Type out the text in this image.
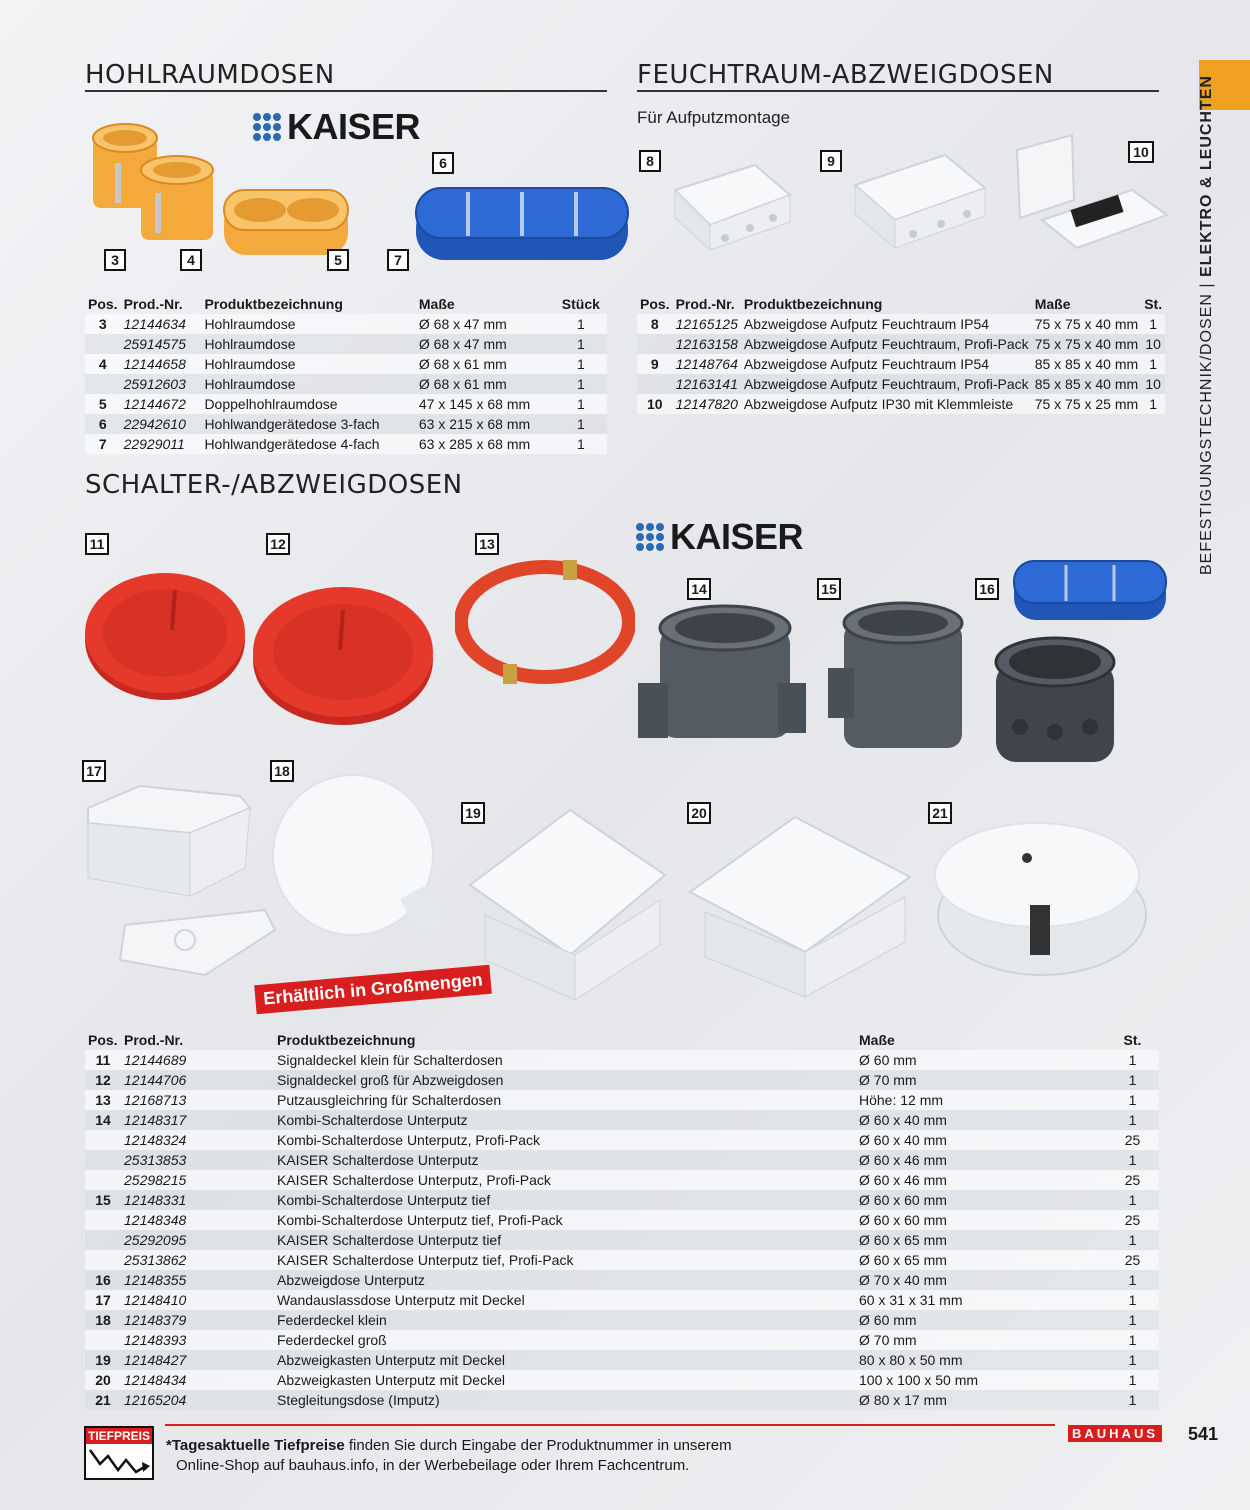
HOHLRAUMDOSEN	FEUCHTRAUM-ABZWEIGDOSEN
Für Aufputzmontage
SCHALTER-/ABZWEIGDOSEN
KAISER
KAISER	BEFESTIGUNGSTECHNIK/DOSEN | ELEKTRO & LEUCHTEN
3	4	5
6
7
8	9
10
Pos.	Prod.-Nr.	Produktbezeichnung	Maße	Stück
3	12144634	Hohlraumdose	Ø 68 x 47 mm	1
	25914575	Hohlraumdose	Ø 68 x 47 mm	1
4	12144658	Hohlraumdose	Ø 68 x 61 mm	1
	25912603	Hohlraumdose	Ø 68 x 61 mm	1
5	12144672	Doppelhohlraumdose	47 x 145 x 68 mm	1
6	22942610	Hohlwandgerätedose 3-fach	63 x 215 x 68 mm	1
7	22929011	Hohlwandgerätedose 4-fach	63 x 285 x 68 mm	1
Pos.	Prod.-Nr.	Produktbezeichnung	Maße	St.
8	12165125	Abzweigdose Aufputz Feuchtraum IP54	75 x 75 x 40 mm	1
	12163158	Abzweigdose Aufputz Feuchtraum, Profi-Pack	75 x 75 x 40 mm	10
9	12148764	Abzweigdose Aufputz Feuchtraum IP54	85 x 85 x 40 mm	1
	12163141	Abzweigdose Aufputz Feuchtraum, Profi-Pack	85 x 85 x 40 mm	10
10	12147820	Abzweigdose Aufputz IP30 mit Klemmleiste	75 x 75 x 25 mm	1
11	12	13
14	15	16
17	18
19	20	21
Erhältlich in Großmengen
Pos.	Prod.-Nr.	Produktbezeichnung	Maße	St.
11	12144689	Signaldeckel klein für Schalterdosen	Ø 60 mm	1
12	12144706	Signaldeckel groß für Abzweigdosen	Ø 70 mm	1
13	12168713	Putzausgleichring für Schalterdosen	Höhe: 12 mm	1
14	12148317	Kombi-Schalterdose Unterputz	Ø 60 x 40 mm	1
	12148324	Kombi-Schalterdose Unterputz, Profi-Pack	Ø 60 x 40 mm	25
	25313853	KAISER Schalterdose Unterputz	Ø 60 x 46 mm	1
	25298215	KAISER Schalterdose Unterputz, Profi-Pack	Ø 60 x 46 mm	25
15	12148331	Kombi-Schalterdose Unterputz tief	Ø 60 x 60 mm	1
	12148348	Kombi-Schalterdose Unterputz tief, Profi-Pack	Ø 60 x 60 mm	25
	25292095	KAISER Schalterdose Unterputz tief	Ø 60 x 65 mm	1
	25313862	KAISER Schalterdose Unterputz tief, Profi-Pack	Ø 60 x 65 mm	25
16	12148355	Abzweigdose Unterputz	Ø 70 x 40 mm	1
17	12148410	Wandauslassdose Unterputz mit Deckel	60 x 31 x 31 mm	1
18	12148379	Federdeckel klein	Ø 60 mm	1
	12148393	Federdeckel groß	Ø 70 mm	1
19	12148427	Abzweigkasten Unterputz mit Deckel	80 x 80 x 50 mm	1
20	12148434	Abzweigkasten Unterputz mit Deckel	100 x 100 x 50 mm	1
21	12165204	Stegleitungsdose (Imputz)	Ø 80 x 17 mm	1
TIEFPREIS
*Tagesaktuelle Tiefpreise finden Sie durch Eingabe der Produktnummer in unserem
Online-Shop auf bauhaus.info, in der Werbebeilage oder Ihrem Fachcentrum.
BAUHAUS 541
